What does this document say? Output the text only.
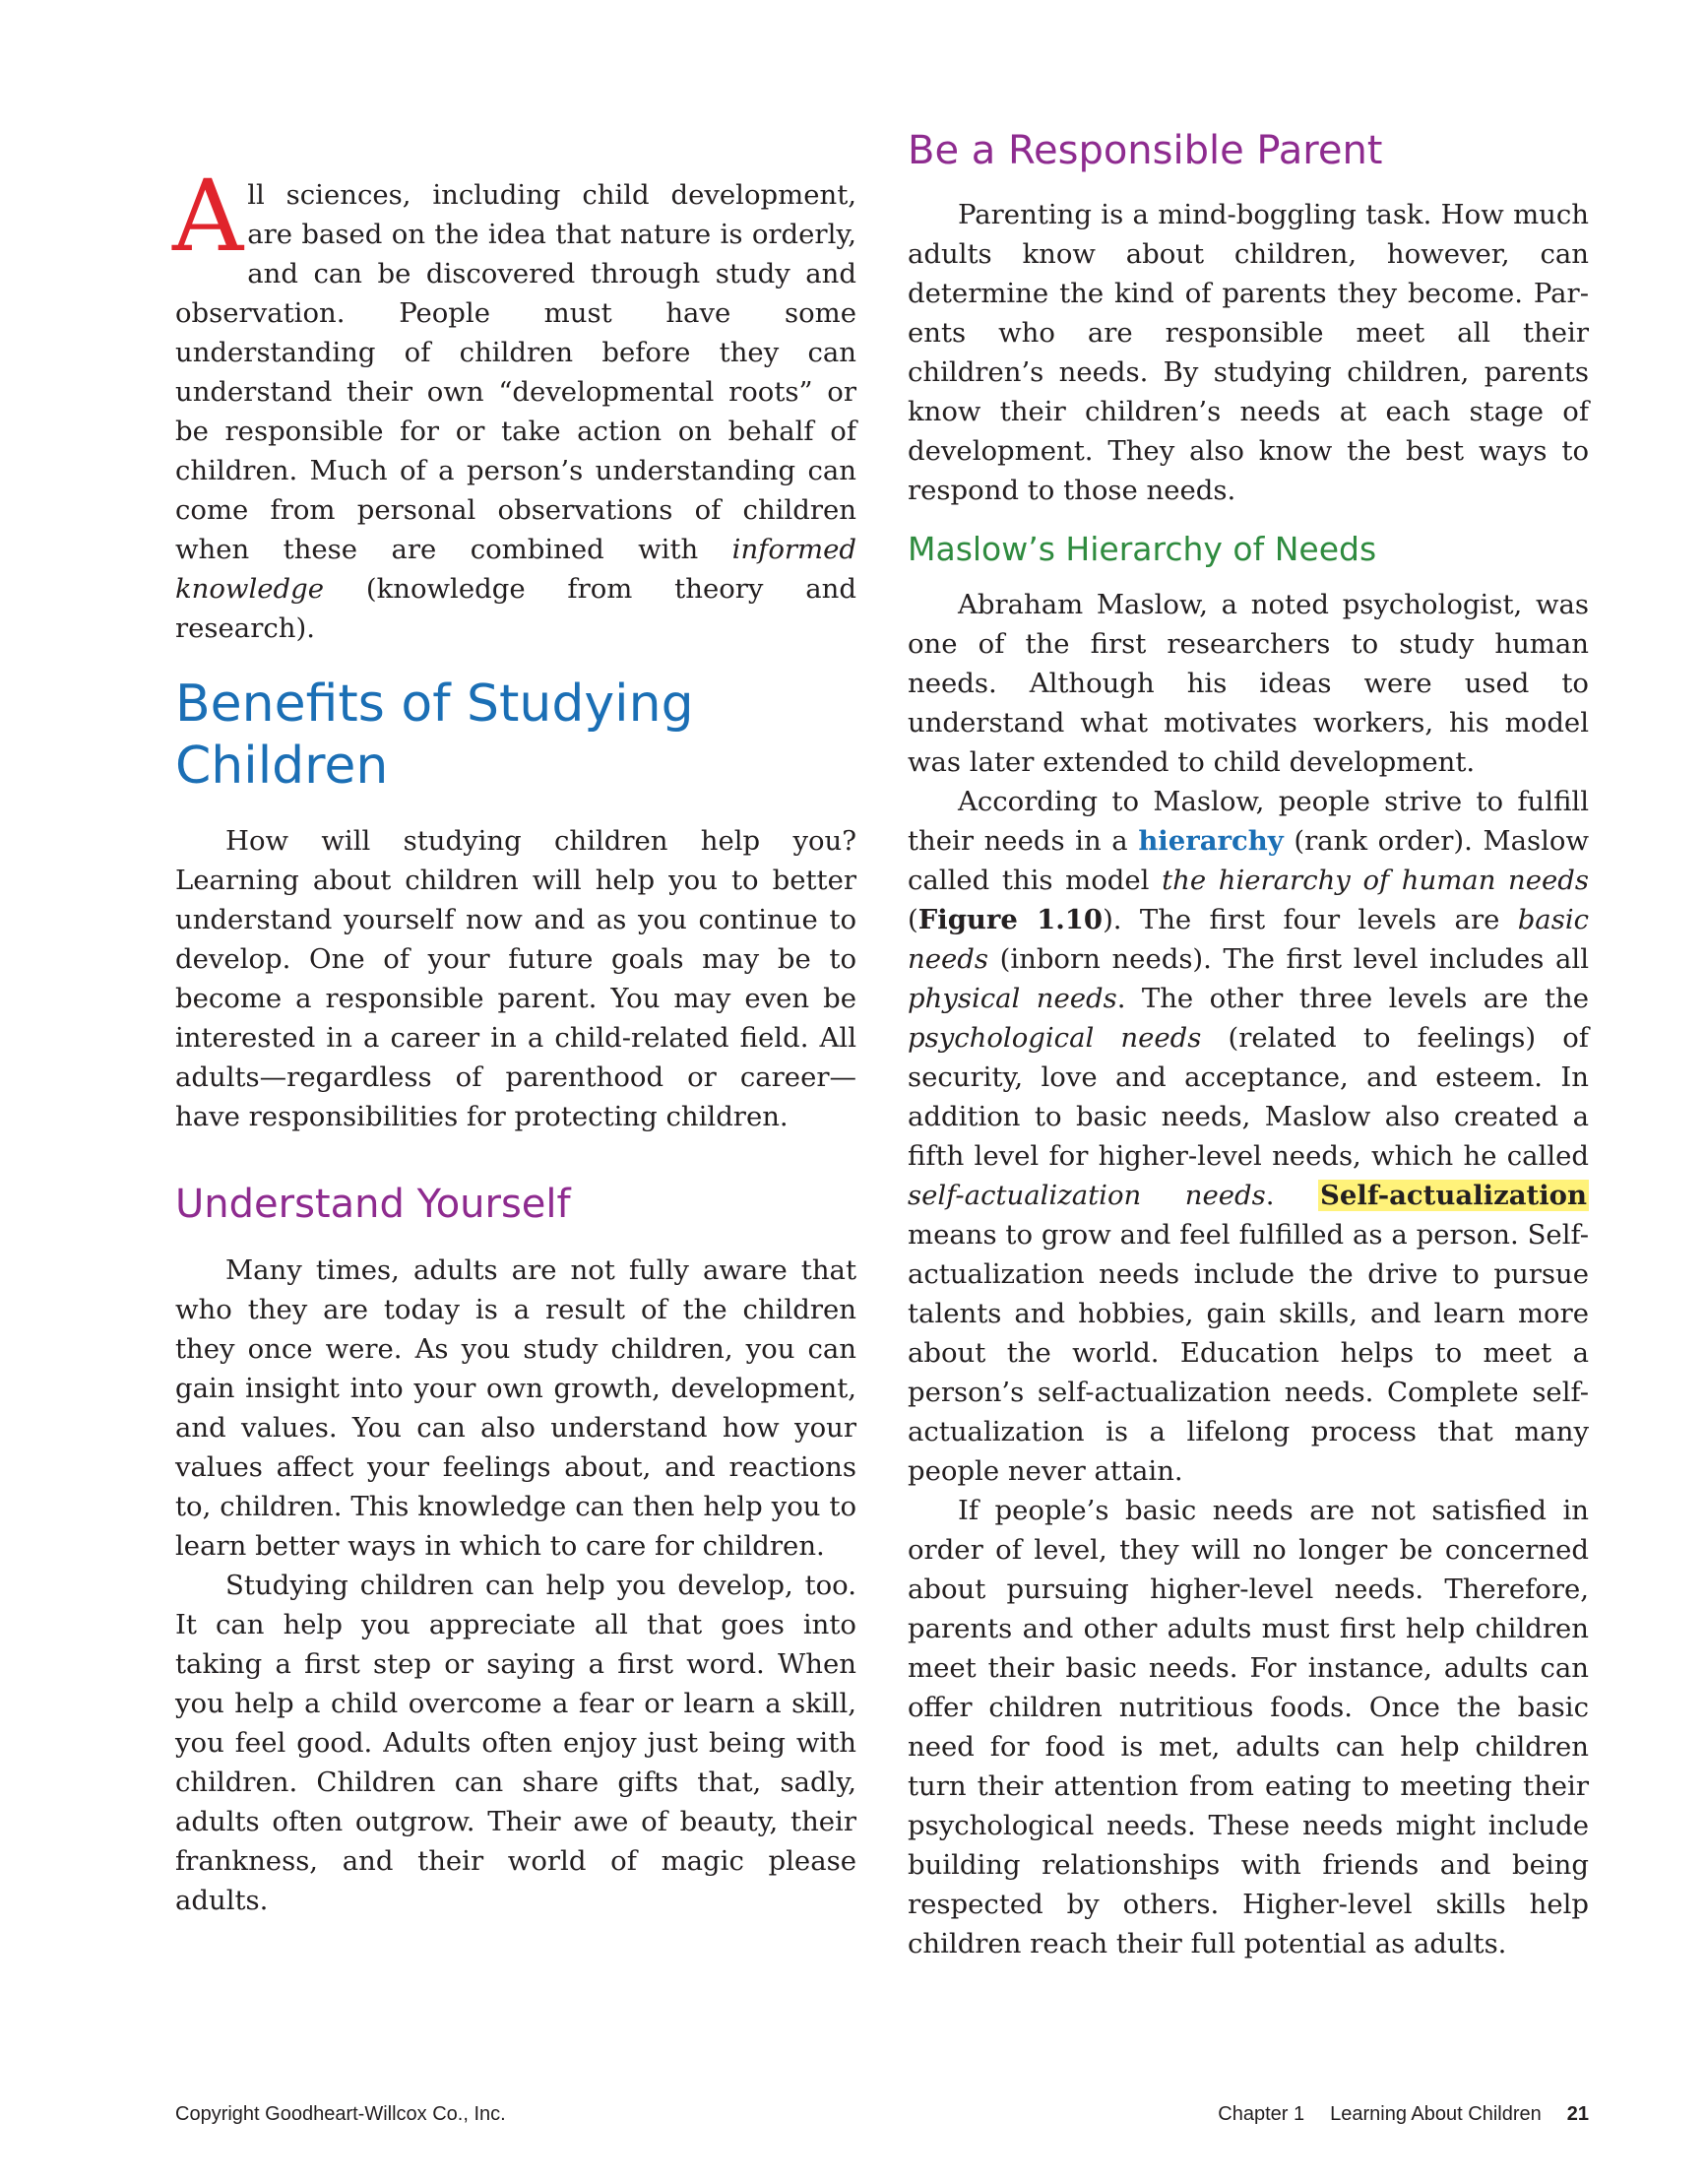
All sciences, including child development, are based on the idea that nature is orderly, and can be discovered through study and observation. People must have some understanding of children before they can understand their own “developmental roots” or be responsible for or take action on behalf of children. Much of a person’s understanding can come from personal observations of children when these are combined with informed knowledge (knowledge from theory and research).

Benefits of Studying
Children

How will studying children help you? Learning about children will help you to better understand yourself now and as you continue to develop. One of your future goals may be to become a responsible parent. You may even be interested in a career in a child-related field. All adults—regardless of parenthood or career—have responsibilities for protecting children.

Understand Yourself

Many times, adults are not fully aware that who they are today is a result of the children they once were. As you study children, you can gain insight into your own growth, development, and values. You can also understand how your values affect your feelings about, and reactions to, children. This knowledge can then help you to learn better ways in which to care for children.

Studying children can help you develop, too. It can help you appreciate all that goes into taking a first step or saying a first word. When you help a child overcome a fear or learn a skill, you feel good. Adults often enjoy just being with children. Children can share gifts that, sadly, adults often outgrow. Their awe of beauty, their frankness, and their world of magic please adults.

Be a Responsible Parent

Parenting is a mind-boggling task. How much adults know about children, however, can determine the kind of parents they become. Parents who are responsible meet all their children’s needs. By studying children, parents know their children’s needs at each stage of development. They also know the best ways to respond to those needs.

Maslow’s Hierarchy of Needs

Abraham Maslow, a noted psychologist, was one of the first researchers to study human needs. Although his ideas were used to understand what motivates workers, his model was later extended to child development.

According to Maslow, people strive to fulfill their needs in a hierarchy (rank order). Maslow called this model the hierarchy of human needs (Figure 1.10). The first four levels are basic needs (inborn needs). The first level includes all physical needs. The other three levels are the psychological needs (related to feelings) of security, love and acceptance, and esteem. In addition to basic needs, Maslow also created a fifth level for higher-level needs, which he called self-actualization needs. Self-actualization means to grow and feel fulfilled as a person. Self-actualization needs include the drive to pursue talents and hobbies, gain skills, and learn more about the world. Education helps to meet a person’s self-actualization needs. Complete self-actualization is a lifelong process that many people never attain.

If people’s basic needs are not satisfied in order of level, they will no longer be concerned about pursuing higher-level needs. Therefore, parents and other adults must first help children meet their basic needs. For instance, adults can offer children nutritious foods. Once the basic need for food is met, adults can help children turn their attention from eating to meeting their psychological needs. These needs might include building relationships with friends and being respected by others. Higher-level skills help children reach their full potential as adults.

Copyright Goodheart-Willcox Co., Inc.	Chapter 1 Learning About Children 21
